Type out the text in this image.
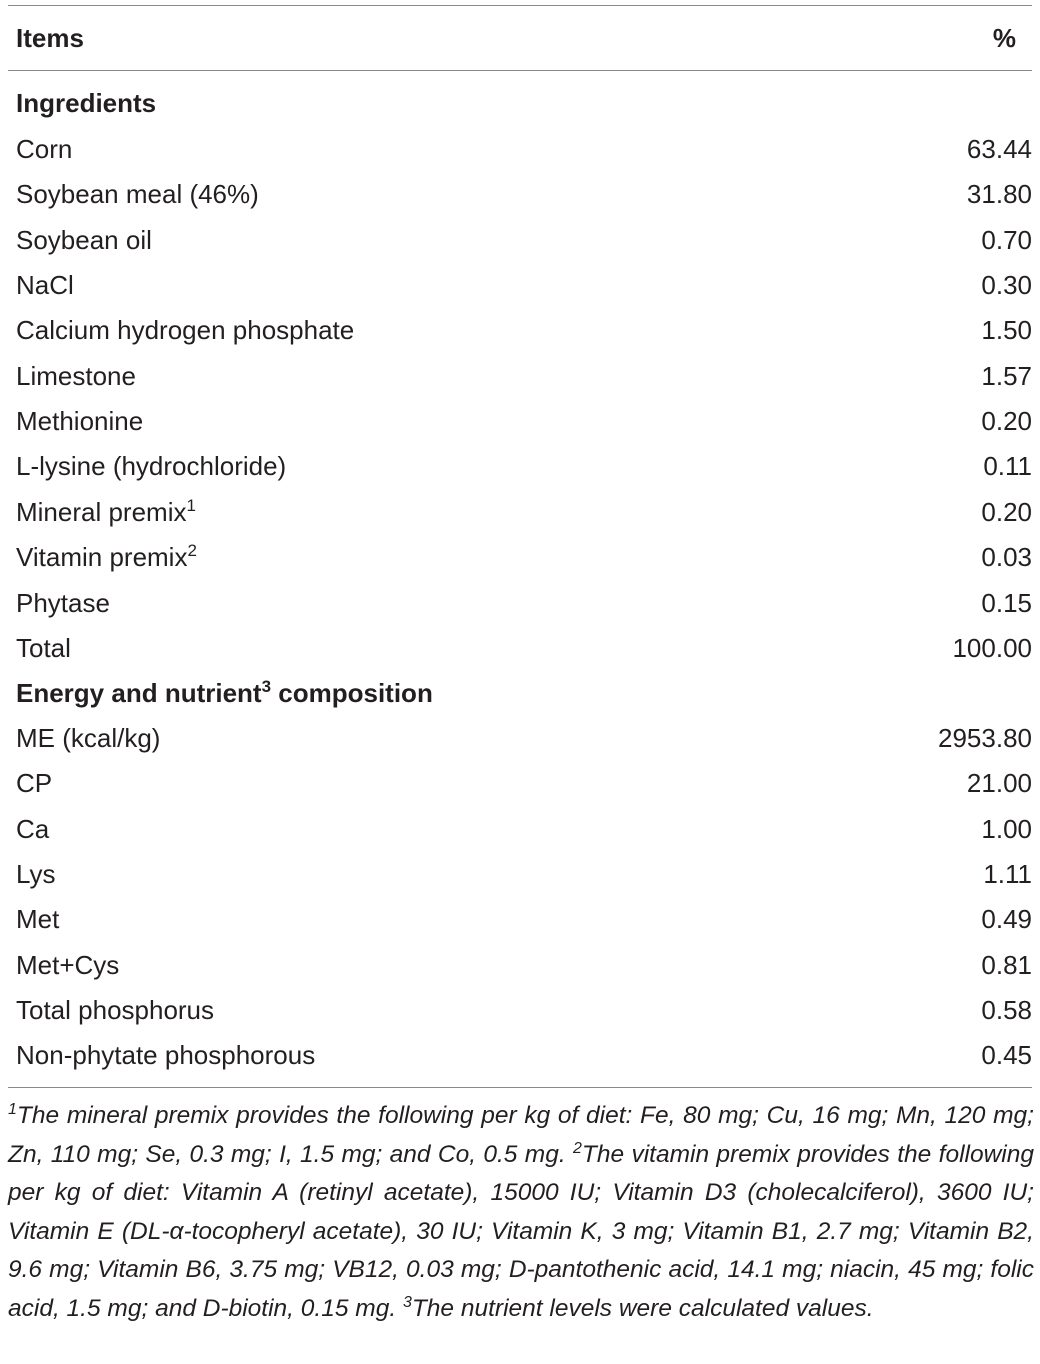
Items	%
Ingredients
Corn	63.44
Soybean meal (46%)	31.80
Soybean oil	0.70
NaCl	0.30
Calcium hydrogen phosphate	1.50
Limestone	1.57
Methionine	0.20
L-lysine (hydrochloride)	0.11
Mineral premix$^1$	0.20
Vitamin premix$^2$	0.03
Phytase	0.15
Total	100.00
Energy and nutrient$^3$ composition
ME (kcal/kg)	2953.80
CP	21.00
Ca	1.00
Lys	1.11
Met	0.49
Met+Cys	0.81
Total phosphorus	0.58
Non-phytate phosphorous	0.45
$^1$The mineral premix provides the following per kg of diet: Fe, 80 mg; Cu, 16 mg; Mn, 120 mg; Zn, 110 mg; Se, 0.3 mg; I, 1.5 mg; and Co, 0.5 mg. $^2$The vitamin premix provides the following per kg of diet: Vitamin A (retinyl acetate), 15000 IU; Vitamin D3 (cholecalciferol), 3600 IU; Vitamin E (DL-α-tocopheryl acetate), 30 IU; Vitamin K, 3 mg; Vitamin B1, 2.7 mg; Vitamin B2, 9.6 mg; Vitamin B6, 3.75 mg; VB12, 0.03 mg; D-pantothenic acid, 14.1 mg; niacin, 45 mg; folic acid, 1.5 mg; and D-biotin, 0.15 mg. $^3$The nutrient levels were calculated values.
